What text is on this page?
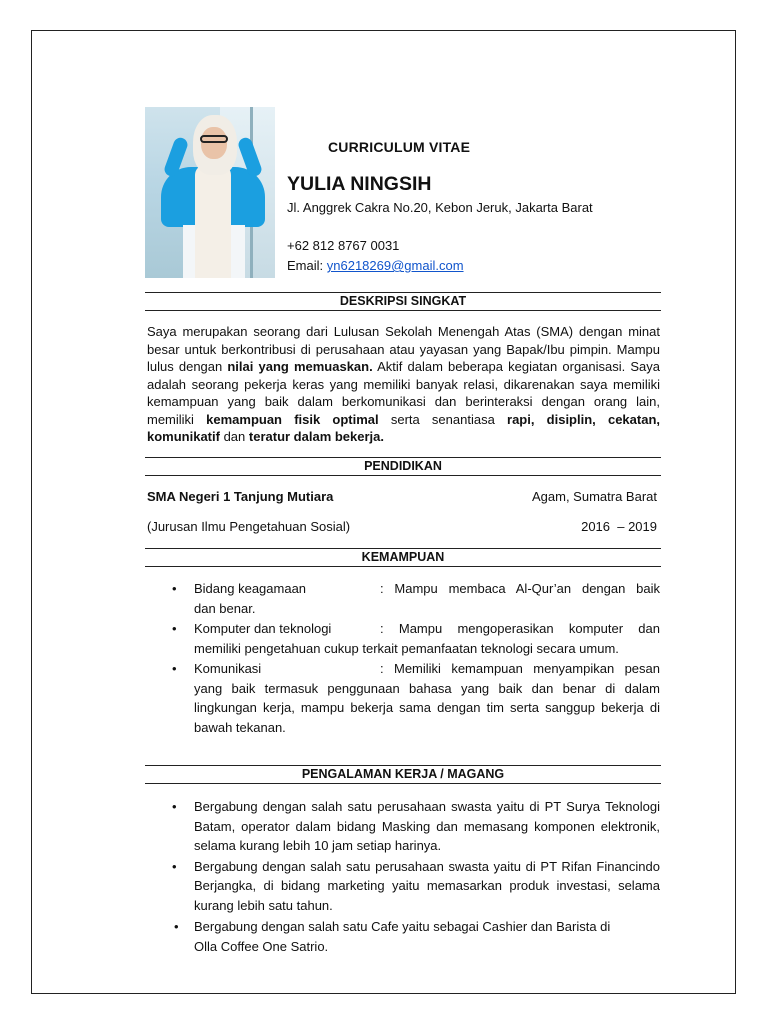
CURRICULUM VITAE
YULIA NINGSIH
Jl. Anggrek Cakra No.20, Kebon Jeruk, Jakarta Barat
+62 812 8767 0031
Email: yn6218269@gmail.com
DESKRIPSI SINGKAT
Saya merupakan seorang dari Lulusan Sekolah Menengah Atas (SMA) dengan minat besar untuk berkontribusi di perusahaan atau yayasan yang Bapak/Ibu pimpin. Mampu lulus dengan nilai yang memuaskan. Aktif dalam beberapa kegiatan organisasi. Saya adalah seorang pekerja keras yang memiliki banyak relasi, dikarenakan saya memiliki kemampuan yang baik dalam berkomunikasi dan berinteraksi dengan orang lain, memiliki kemampuan fisik optimal serta senantiasa rapi, disiplin, cekatan, komunikatif dan teratur dalam bekerja.
PENDIDIKAN
SMA Negeri 1 Tanjung Mutiara	Agam, Sumatra Barat
(Jurusan Ilmu Pengetahuan Sosial)	2016  – 2019
KEMAMPUAN
• Bidang keagamaan	: Mampu membaca Al-Qur’an dengan baik
dan benar.
• Komputer dan teknologi	: Mampu mengoperasikan komputer dan
memiliki pengetahuan cukup terkait pemanfaatan teknologi secara umum.
• Komunikasi	: Memiliki kemampuan menyampikan pesan
yang baik termasuk penggunaan bahasa yang baik dan benar di dalam lingkungan kerja, mampu bekerja sama dengan tim serta sanggup bekerja di bawah tekanan.
PENGALAMAN KERJA / MAGANG
• Bergabung dengan salah satu perusahaan swasta yaitu di PT Surya Teknologi Batam, operator dalam bidang Masking dan memasang komponen elektronik, selama kurang lebih 10 jam setiap harinya.
• Bergabung dengan salah satu perusahaan swasta yaitu di PT Rifan Financindo Berjangka, di bidang marketing yaitu memasarkan produk investasi, selama kurang lebih satu tahun.
• Bergabung dengan salah satu Cafe yaitu sebagai Cashier dan Barista di Olla Coffee One Satrio.
